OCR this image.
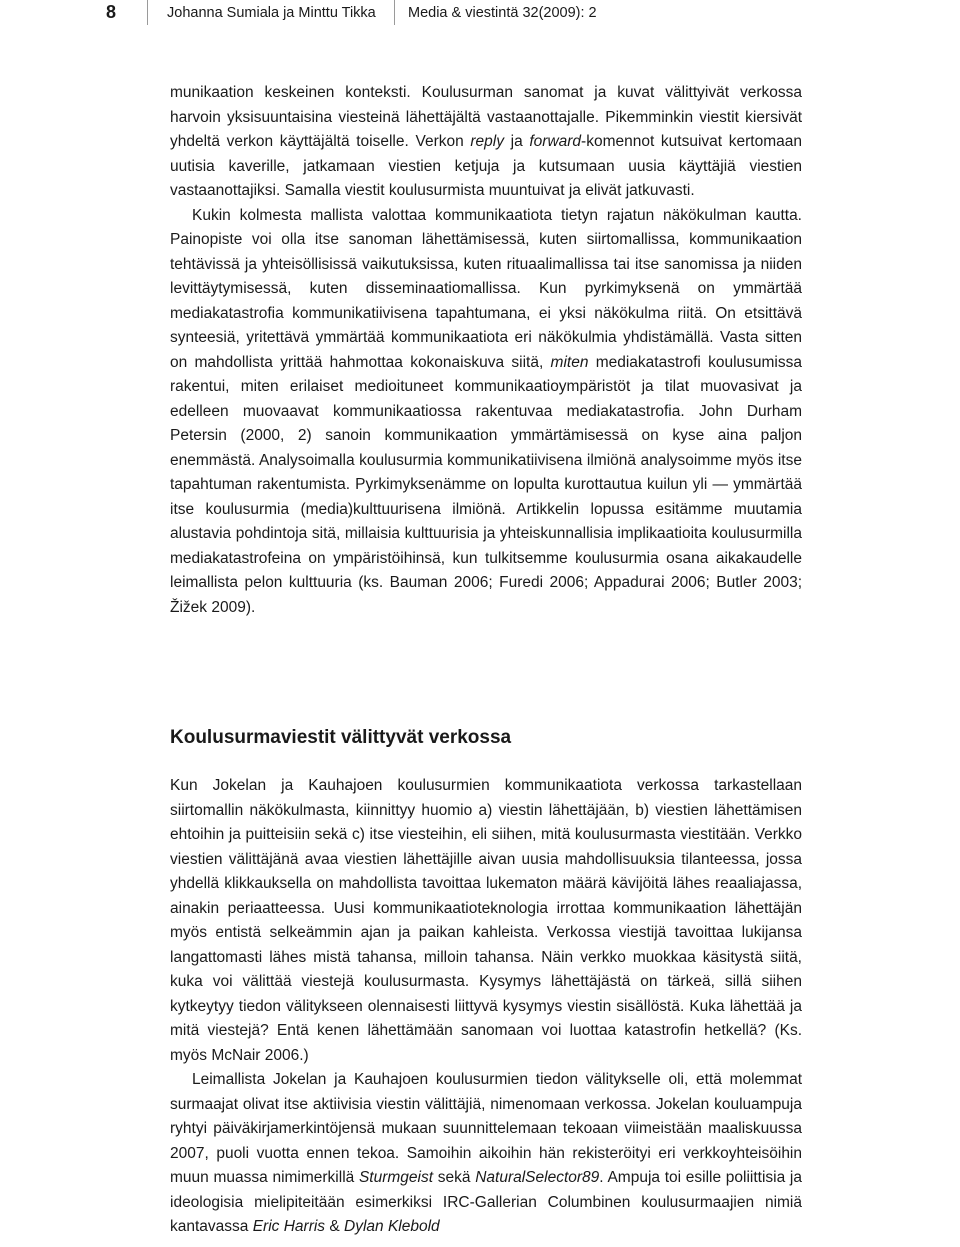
8	Johanna Sumiala ja Minttu Tikka Media & viestintä 32(2009): 2

munikaation keskeinen konteksti. Koulusurman sanomat ja kuvat välittyivät verkossa harvoin yksisuuntaisina viesteinä lähettäjältä vastaanottajalle. Pikemminkin viestit kiersivät yhdeltä verkon käyttäjältä toiselle. Verkon reply ja forward-komennot kutsuivat kertomaan uutisia kaverille, jatkamaan viestien ketjuja ja kutsumaan uusia käyttäjiä viestien vastaanottajiksi. Samalla viestit koulusurmista muuntuivat ja elivät jatkuvasti.

Kukin kolmesta mallista valottaa kommunikaatiota tietyn rajatun näkökulman kautta. Painopiste voi olla itse sanoman lähettämisessä, kuten siirtomallissa, kommunikaation tehtävissä ja yhteisöllisissä vaikutuksissa, kuten rituaalimallissa tai itse sanomissa ja niiden levittäytymisessä, kuten disseminaatiomallissa. Kun pyrkimyksenä on ymmärtää mediakatastrofia kommunikatiivisena tapahtumana, ei yksi näkökulma riitä. On etsittävä synteesiä, yritettävä ymmärtää kommunikaatiota eri näkökulmia yhdistämällä. Vasta sitten on mahdollista yrittää hahmottaa kokonaiskuva siitä, miten mediakatastrofi koulusumissa rakentui, miten erilaiset medioituneet kommunikaatioympäristöt ja tilat muovasivat ja edelleen muovaavat kommunikaatiossa rakentuvaa mediakatastrofia. John Durham Petersin (2000, 2) sanoin kommunikaation ymmärtämisessä on kyse aina paljon enemmästä. Analysoimalla koulusurmia kommunikatiivisena ilmiönä analysoimme myös itse tapahtuman rakentumista. Pyrkimyksenämme on lopulta kurottautua kuilun yli — ymmärtää itse koulusurmia (media)kulttuurisena ilmiönä. Artikkelin lopussa esitämme muutamia alustavia pohdintoja sitä, millaisia kulttuurisia ja yhteiskunnallisia implikaatioita koulusurmilla mediakatastrofeina on ympäristöihinsä, kun tulkitsemme koulusurmia osana aikakaudelle leimallista pelon kulttuuria (ks. Bauman 2006; Furedi 2006; Appadurai 2006; Butler 2003; Žižek 2009).

Koulusurmaviestit välittyvät verkossa

Kun Jokelan ja Kauhajoen koulusurmien kommunikaatiota verkossa tarkastellaan siirtomallin näkökulmasta, kiinnittyy huomio a) viestin lähettäjään, b) viestien lähettämisen ehtoihin ja puitteisiin sekä c) itse viesteihin, eli siihen, mitä koulusurmasta viestitään. Verkko viestien välittäjänä avaa viestien lähettäjille aivan uusia mahdollisuuksia tilanteessa, jossa yhdellä klikkauksella on mahdollista tavoittaa lukematon määrä kävijöitä lähes reaaliajassa, ainakin periaatteessa. Uusi kommunikaatioteknologia irrottaa kommunikaation lähettäjän myös entistä selkeämmin ajan ja paikan kahleista. Verkossa viestijä tavoittaa lukijansa langattomasti lähes mistä tahansa, milloin tahansa. Näin verkko muokkaa käsitystä siitä, kuka voi välittää viestejä koulusurmasta. Kysymys lähettäjästä on tärkeä, sillä siihen kytkeytyy tiedon välitykseen olennaisesti liittyvä kysymys viestin sisällöstä. Kuka lähettää ja mitä viestejä? Entä kenen lähettämään sanomaan voi luottaa katastrofin hetkellä? (Ks. myös McNair 2006.)

Leimallista Jokelan ja Kauhajoen koulusurmien tiedon välitykselle oli, että molemmat surmaajat olivat itse aktiivisia viestin välittäjiä, nimenomaan verkossa. Jokelan kouluampuja ryhtyi päiväkirjamerkintöjensä mukaan suunnittelemaan tekoaan viimeistään maaliskuussa 2007, puoli vuotta ennen tekoa. Samoihin aikoihin hän rekisteröityi eri verkkoyhteisöihin muun muassa nimimerkillä Sturmgeist sekä NaturalSelector89. Ampuja toi esille poliittisia ja ideologisia mielipiteitään esimerkiksi IRC-Gallerian Columbinen koulusurmaajien nimiä kantavassa Eric Harris & Dylan Klebold
